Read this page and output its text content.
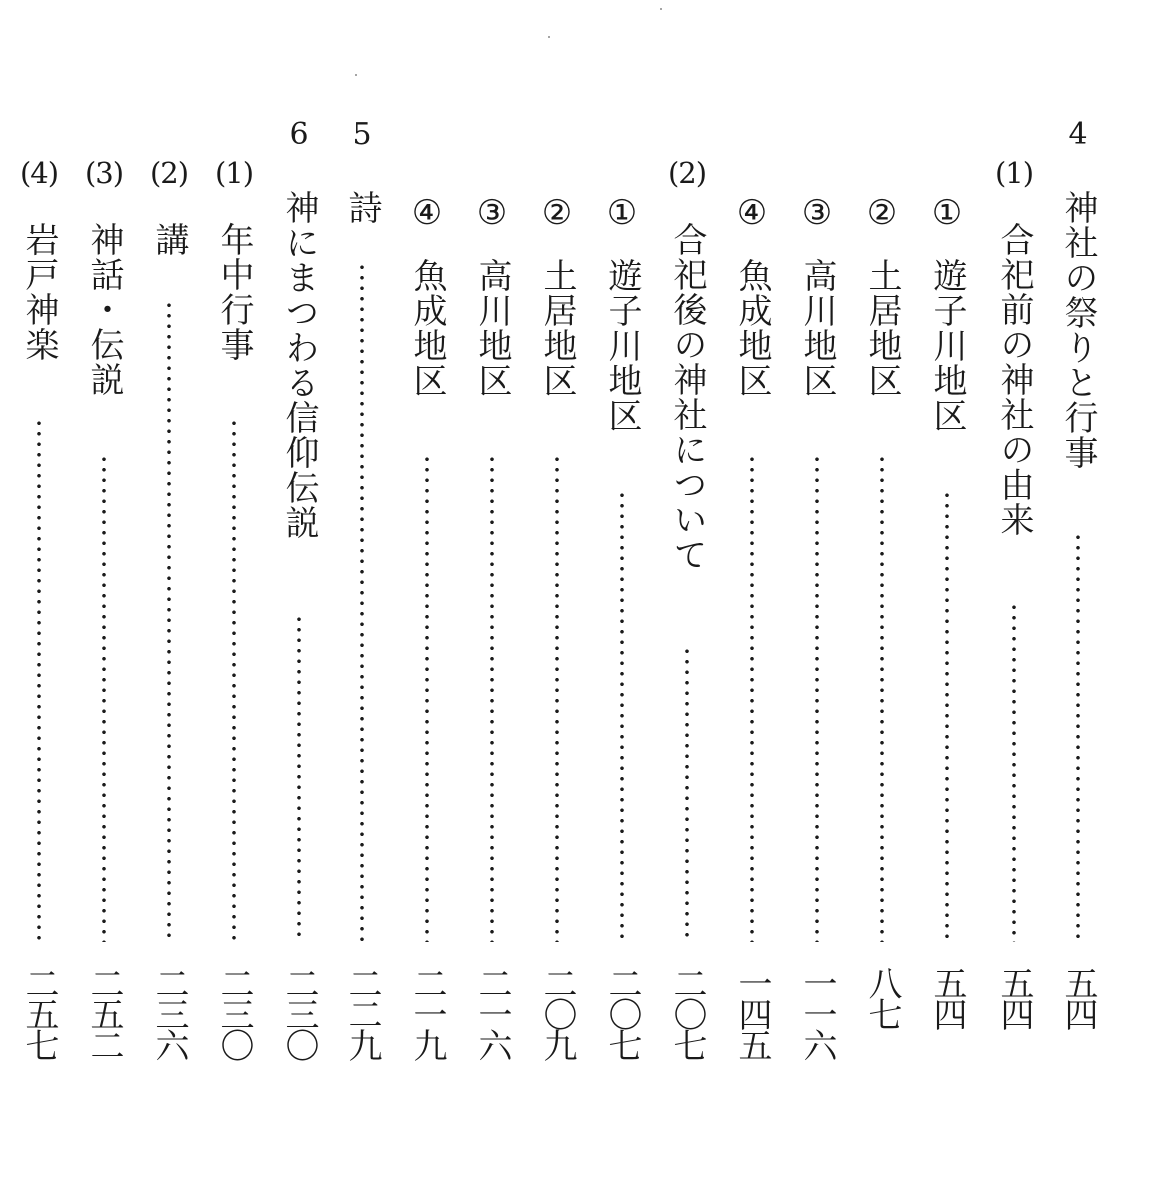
4
神社の祭りと行事
五四
(1)
合祀前の神社の由来
五四
①
遊子川地区
五四
②
土居地区
八七
③
高川地区
一一六
④
魚成地区
一四五
(2)
合祀後の神社について
二〇七
①
遊子川地区
二〇七
②
土居地区
二〇九
③
高川地区
二一六
④
魚成地区
二一九
5
詩
二二九
6
神にまつわる信仰伝説
二三〇
(1)
年中行事
二三〇
(2)
講
二三六
(3)
神話・伝説
二五二
(4)
岩戸神楽
二五七
